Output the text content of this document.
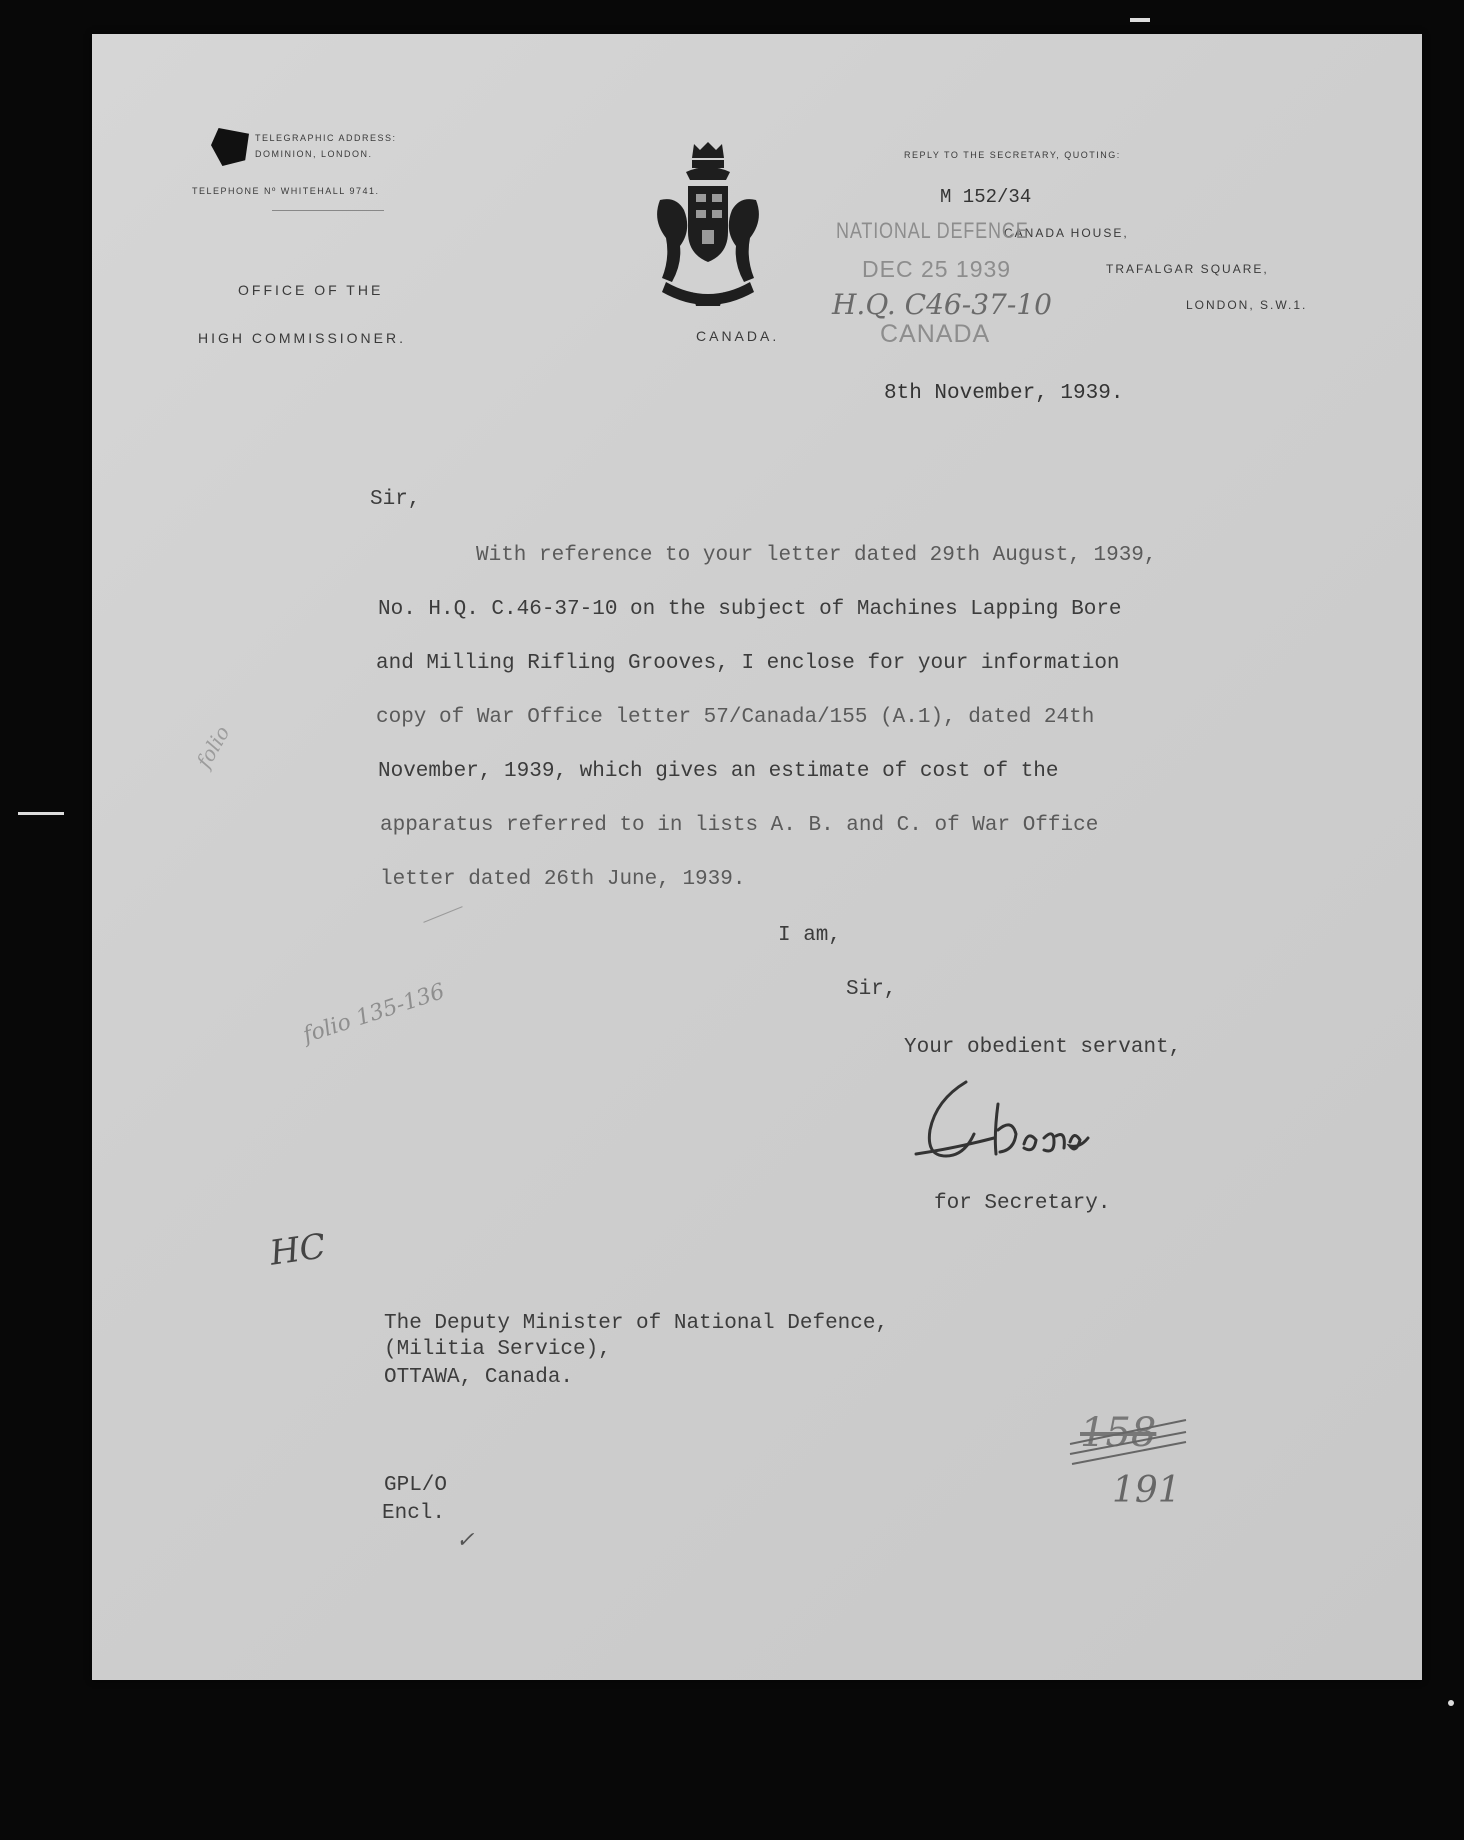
TELEGRAPHIC ADDRESS:
DOMINION, LONDON.
TELEPHONE Nº WHITEHALL 9741.
OFFICE OF THE
HIGH COMMISSIONER.	CANADA.
REPLY TO THE SECRETARY, QUOTING:
M 152/34
CANADA HOUSE,
TRAFALGAR SQUARE,
LONDON, S.W.1.
NATIONAL DEFENCE
DEC 25 1939
H.Q. C46-37-10
CANADA
8th November, 1939.
Sir,
With reference to your letter dated 29th August, 1939,
No. H.Q. C.46-37-10 on the subject of Machines Lapping Bore
and Milling Rifling Grooves, I enclose for your information
copy of War Office letter 57/Canada/155 (A.1), dated 24th
November, 1939, which gives an estimate of cost of the
apparatus referred to in lists A. B. and C. of War Office
letter dated 26th June, 1939.
I am,
Sir,
Your obedient servant,
for Secretary.
The Deputy Minister of National Defence,
(Militia Service),
OTTAWA, Canada.
GPL/O
Encl.
✓
folio
folio 135-136
HC
158
191
